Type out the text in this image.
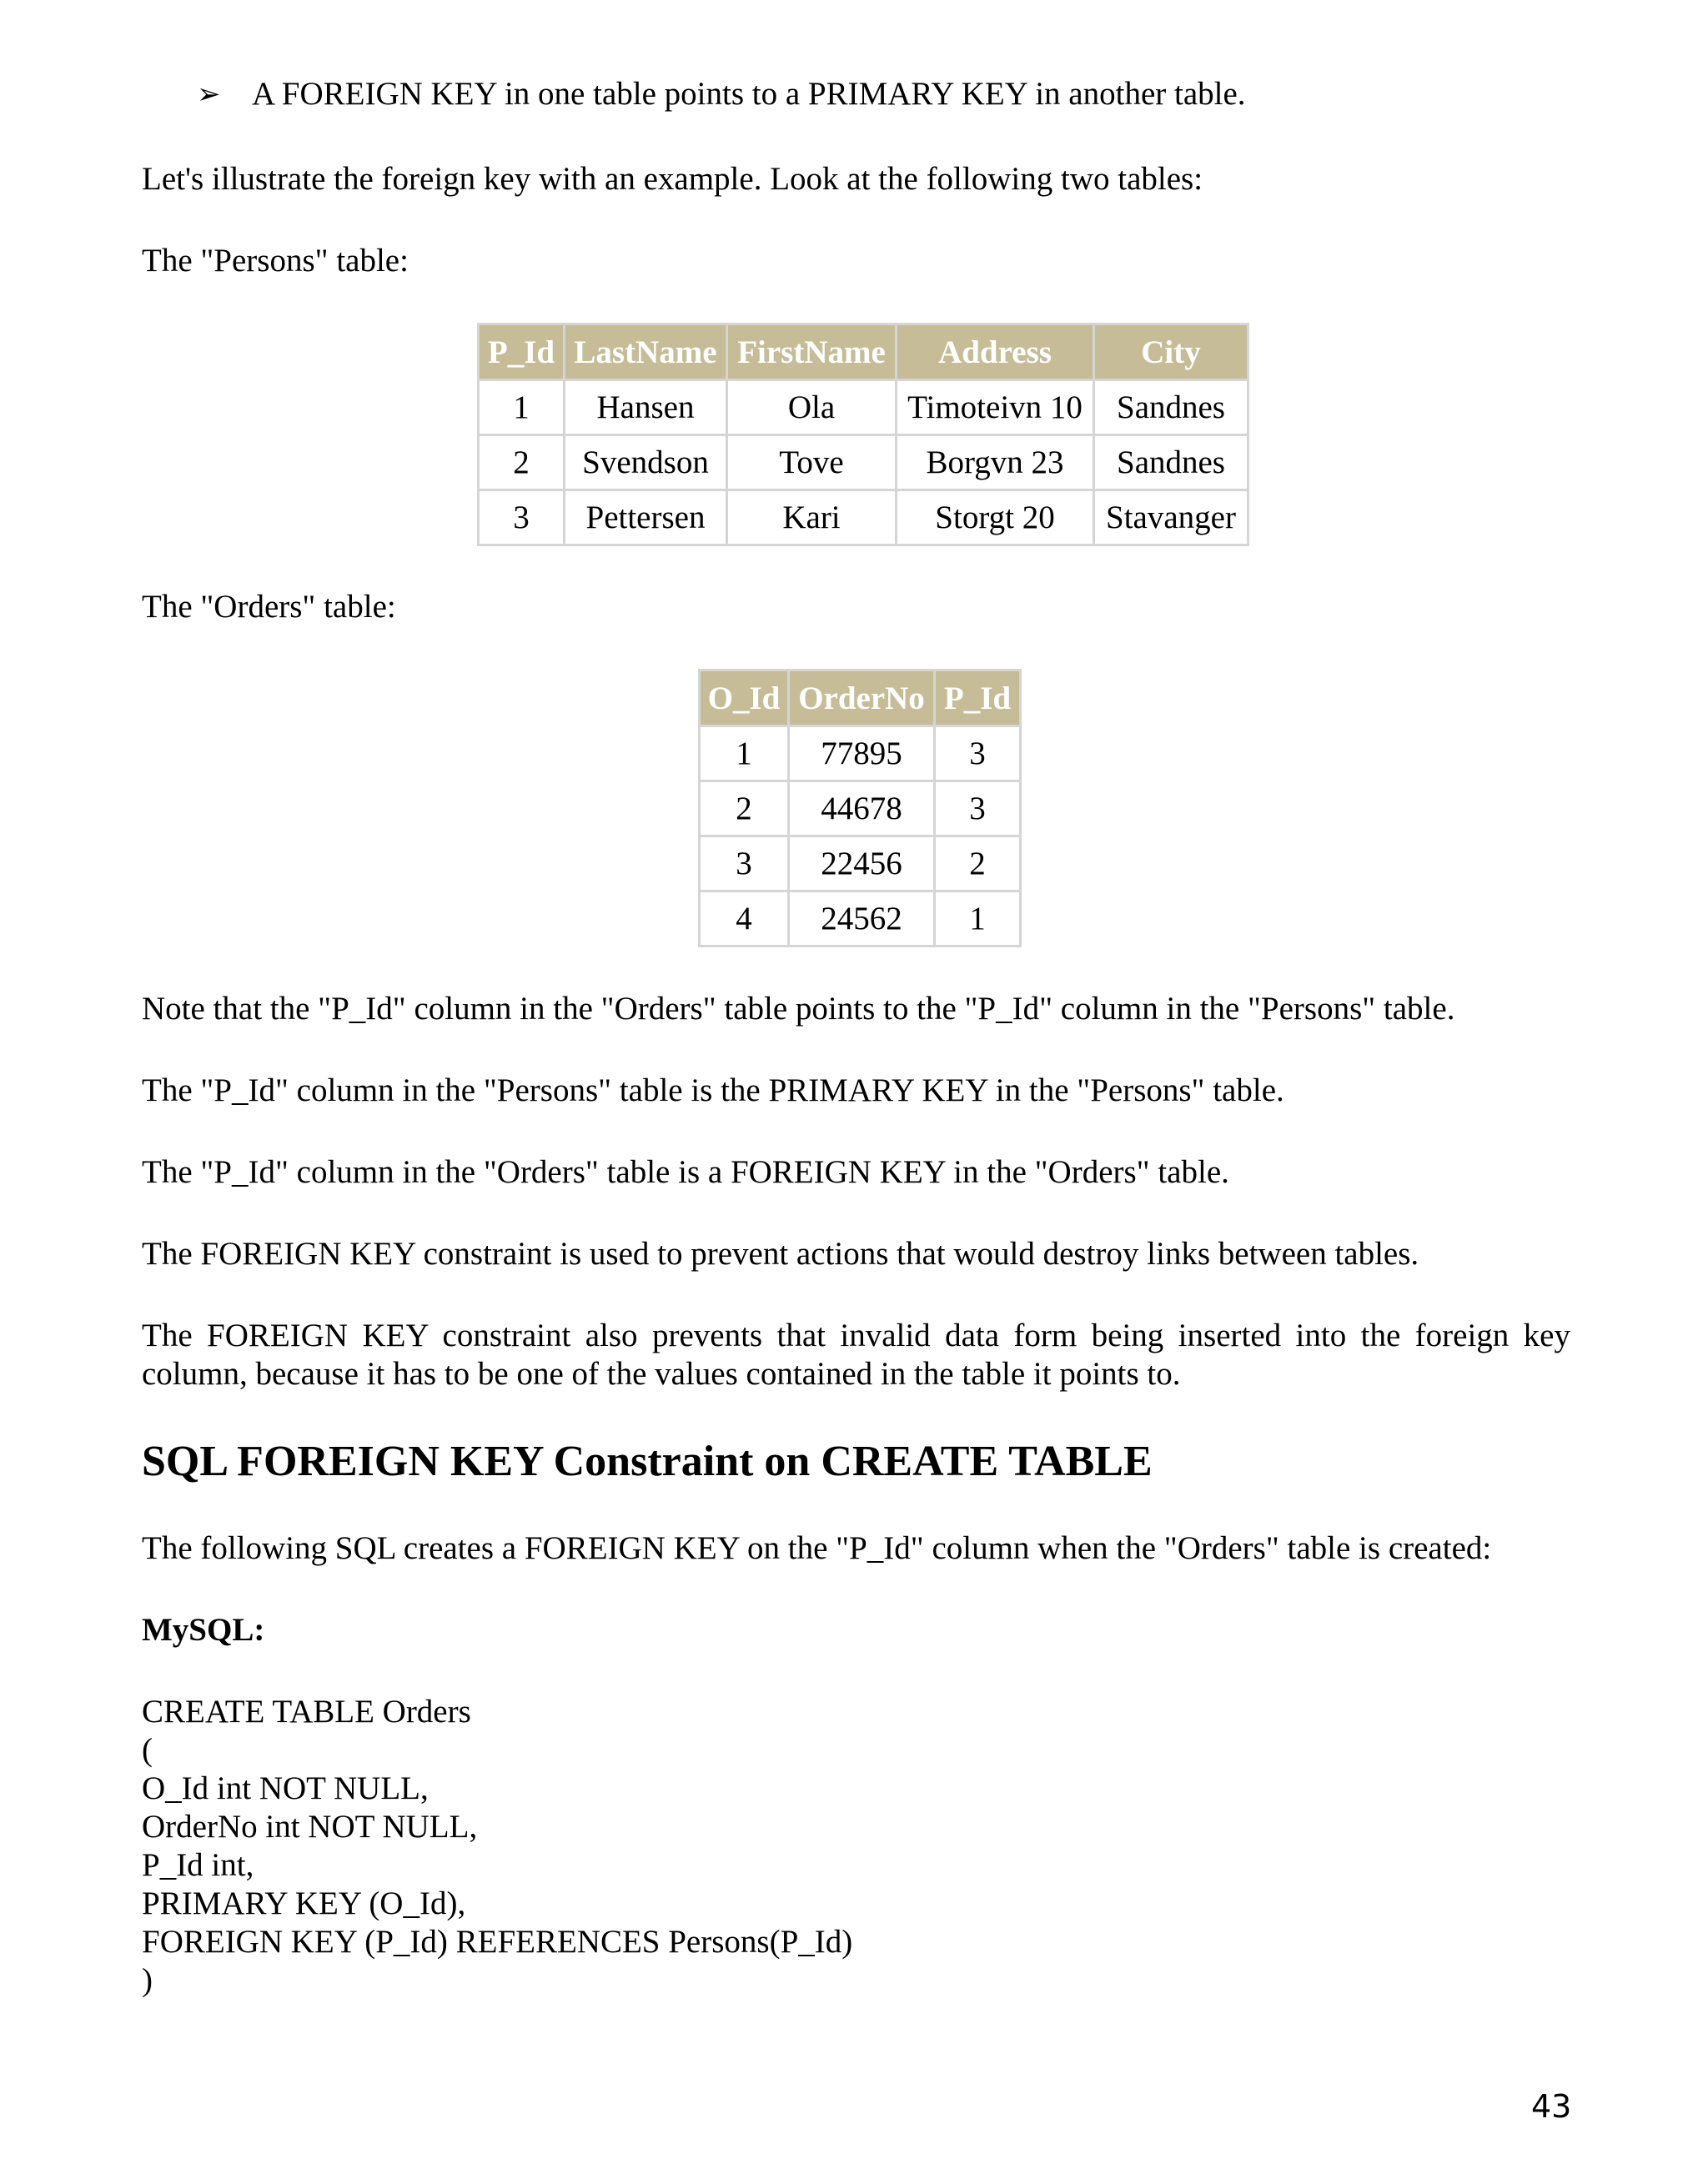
➢ A FOREIGN KEY in one table points to a PRIMARY KEY in another table.
Let's illustrate the foreign key with an example. Look at the following two tables:
The "Persons" table:
P_Id	LastName	FirstName	Address	City
1	Hansen	Ola	Timoteivn 10	Sandnes
2	Svendson	Tove	Borgvn 23	Sandnes
3	Pettersen	Kari	Storgt 20	Stavanger
The "Orders" table:
O_Id	OrderNo	P_Id
1	77895	3
2	44678	3
3	22456	2
4	24562	1
Note that the "P_Id" column in the "Orders" table points to the "P_Id" column in the "Persons" table.
The "P_Id" column in the "Persons" table is the PRIMARY KEY in the "Persons" table.
The "P_Id" column in the "Orders" table is a FOREIGN KEY in the "Orders" table.
The FOREIGN KEY constraint is used to prevent actions that would destroy links between tables.
The FOREIGN KEY constraint also prevents that invalid data form being inserted into the foreign key column, because it has to be one of the values contained in the table it points to.
SQL FOREIGN KEY Constraint on CREATE TABLE
The following SQL creates a FOREIGN KEY on the "P_Id" column when the "Orders" table is created:
MySQL:
CREATE TABLE Orders
(
O_Id int NOT NULL,
OrderNo int NOT NULL,
P_Id int,
PRIMARY KEY (O_Id),
FOREIGN KEY (P_Id) REFERENCES Persons(P_Id)
)
43
